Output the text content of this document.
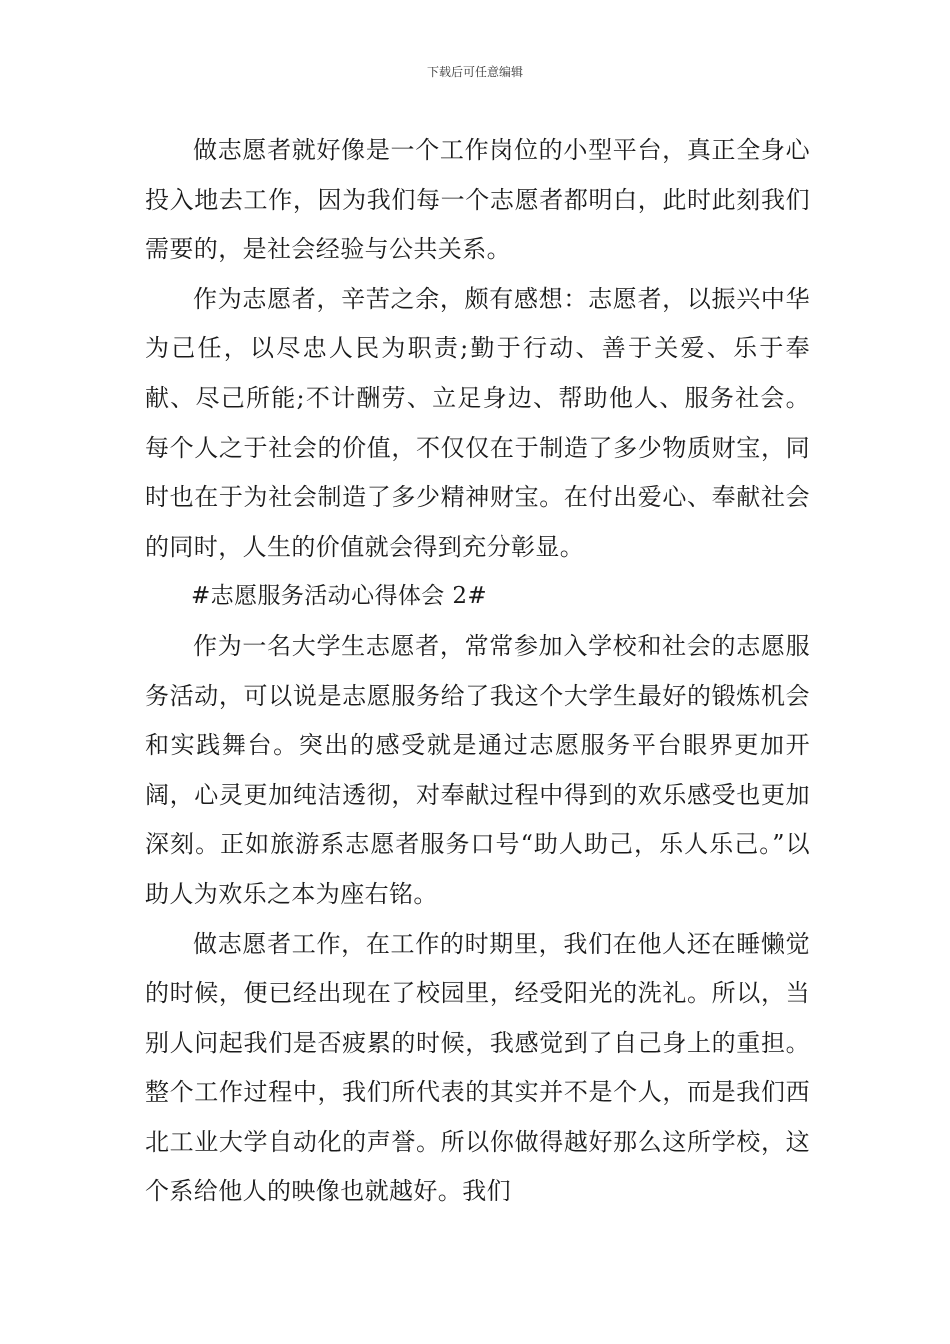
下载后可任意编辑

做志愿者就好像是一个工作岗位的小型平台，真正全身心投入地去工作，因为我们每一个志愿者都明白，此时此刻我们需要的，是社会经验与公共关系。

作为志愿者，辛苦之余，颇有感想：志愿者，以振兴中华为己任，以尽忠人民为职责;勤于行动、善于关爱、乐于奉献、尽己所能;不计酬劳、立足身边、帮助他人、服务社会。每个人之于社会的价值，不仅仅在于制造了多少物质财宝，同时也在于为社会制造了多少精神财宝。在付出爱心、奉献社会的同时，人生的价值就会得到充分彰显。

#志愿服务活动心得体会 2#

作为一名大学生志愿者，常常参加入学校和社会的志愿服务活动，可以说是志愿服务给了我这个大学生最好的锻炼机会和实践舞台。突出的感受就是通过志愿服务平台眼界更加开阔，心灵更加纯洁透彻，对奉献过程中得到的欢乐感受也更加深刻。正如旅游系志愿者服务口号“助人助己，乐人乐己。”以助人为欢乐之本为座右铭。

做志愿者工作，在工作的时期里，我们在他人还在睡懒觉的时候，便已经出现在了校园里，经受阳光的洗礼。所以，当别人问起我们是否疲累的时候，我感觉到了自己身上的重担。整个工作过程中，我们所代表的其实并不是个人，而是我们西北工业大学自动化的声誉。所以你做得越好那么这所学校，这个系给他人的映像也就越好。我们
